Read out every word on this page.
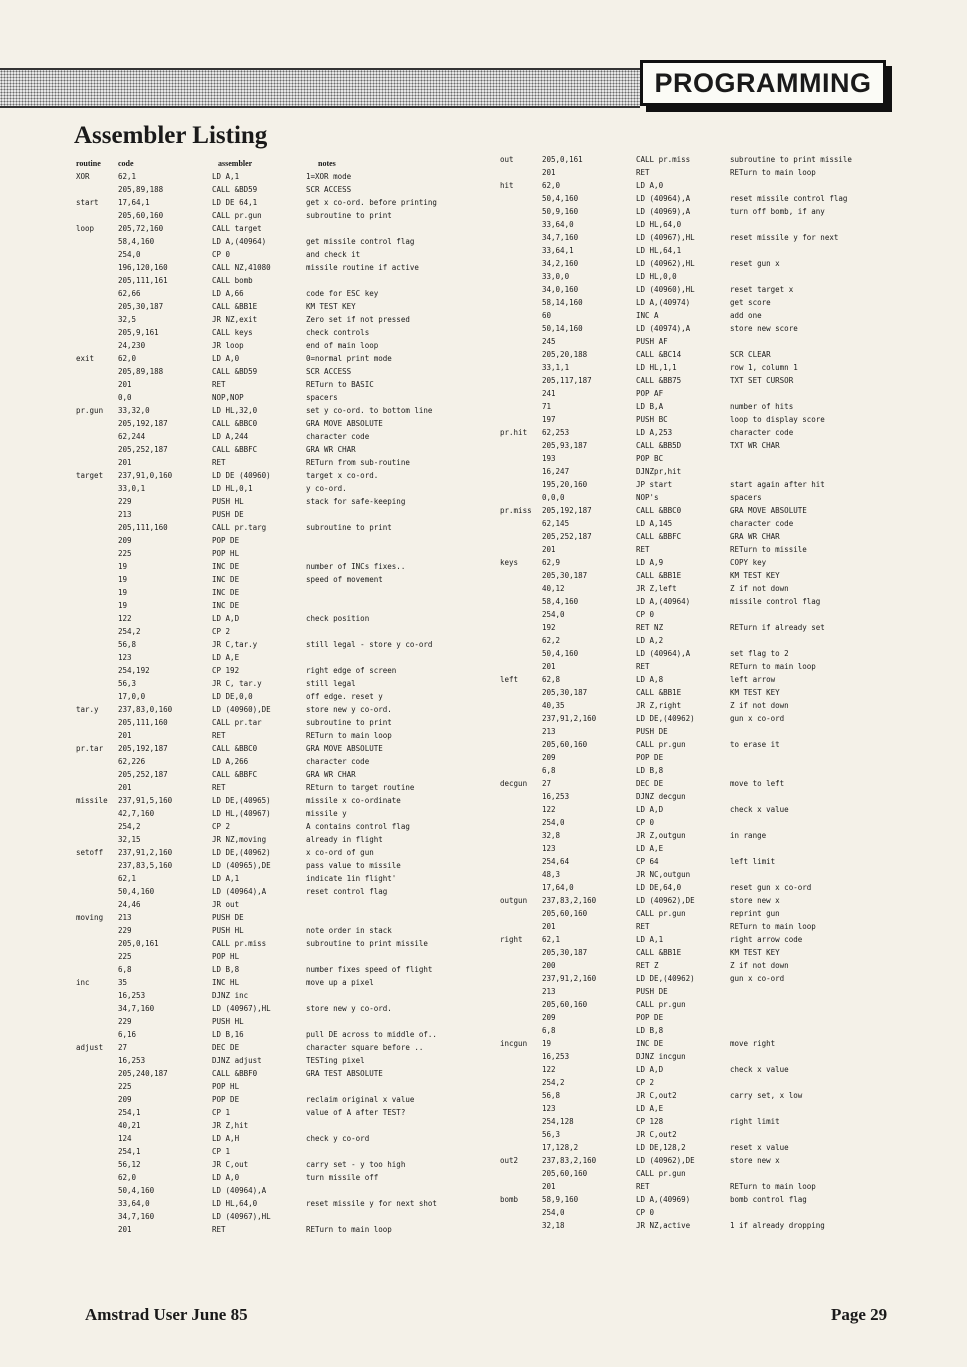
PROGRAMMING
Assembler Listing
routine code	assembler	notes
XOR	62,1	LD A,1	1=XOR mode
205,89,188	CALL &BD59	SCR ACCESS
start	17,64,1	LD DE 64,1	get x co-ord. before printing
205,60,160	CALL pr.gun	subroutine to print
loop	205,72,160	CALL target
58,4,160	LD A,(40964)	get missile control flag
254,0	CP 0	and check it
196,120,160	CALL NZ,41080	missile routine if active
205,111,161	CALL bomb
62,66	LD A,66	code for ESC key
205,30,187	CALL &BB1E	KM TEST KEY
32,5	JR NZ,exit	Zero set if not pressed
205,9,161	CALL keys	check controls
24,230	JR loop	end of main loop
exit	62,0	LD A,0	0=normal print mode
205,89,188	CALL &BD59	SCR ACCESS
201	RET	RETurn to BASIC
0,0	NOP,NOP	spacers
pr.gun 33,32,0	LD HL,32,0	set y co-ord. to bottom line
205,192,187	CALL &BBC0	GRA MOVE ABSOLUTE
62,244	LD A,244	character code
205,252,187	CALL &BBFC	GRA WR CHAR
201	RET	RETurn from sub-routine
target 237,91,0,160	LD DE (40960)	target x co-ord.
33,0,1	LD HL,0,1	y co-ord.
229	PUSH HL	stack for safe-keeping
213	PUSH DE
205,111,160	CALL pr.targ	subroutine to print
209	POP DE
225	POP HL
19	INC DE	number of INCs fixes..
19	INC DE	speed of movement
19	INC DE
19	INC DE
122	LD A,D	check position
254,2	CP 2
56,8	JR C,tar.y	still legal - store y co-ord
123	LD A,E
254,192	CP 192	right edge of screen
56,3	JR C, tar.y	still legal
17,0,0	LD DE,0,0	off edge. reset y
tar.y	237,83,0,160	LD (40960),DE	store new y co-ord.
205,111,160	CALL pr.tar	subroutine to print
201	RET	RETurn to main loop
pr.tar 205,192,187	CALL &BBC0	GRA MOVE ABSOLUTE
62,226	LD A,266	character code
205,252,187	CALL &BBFC	GRA WR CHAR
201	RET	REturn to target routine
missile 237,91,5,160	LD DE,(40965)	missile x co-ordinate
42,7,160	LD HL,(40967)	missile y
254,2	CP 2	A contains control flag
32,15	JR NZ,moving	already in flight
setoff 237,91,2,160	LD DE,(40962)	x co-ord of gun
237,83,5,160	LD (40965),DE	pass value to missile
62,1	LD A,1	indicate 1in flight'
50,4,160	LD (40964),A	reset control flag
24,46	JR out
moving 213	PUSH DE
229	PUSH HL	note order in stack
205,0,161	CALL pr.miss	subroutine to print missile
225	POP HL
6,8	LD B,8	number fixes speed of flight
inc	35	INC HL	move up a pixel
16,253	DJNZ inc
34,7,160	LD (40967),HL	store new y co-ord.
229	PUSH HL
6,16	LD B,16	pull DE across to middle of..
adjust 27	DEC DE	character square before ..
16,253	DJNZ adjust	TESTing pixel
205,240,187	CALL &BBF0	GRA TEST ABSOLUTE
225	POP HL
209	POP DE	reclaim original x value
254,1	CP 1	value of A after TEST?
40,21	JR Z,hit
124	LD A,H	check y co-ord
254,1	CP 1
56,12	JR C,out	carry set - y too high
62,0	LD A,0	turn missile off
50,4,160	LD (40964),A
33,64,0	LD HL,64,0	reset missile y for next shot
34,7,160	LD (40967),HL
201	RET	RETurn to main loop
out	205,0,161	CALL pr.miss	subroutine to print missile
201	RET	RETurn to main loop
hit	62,0	LD A,0
50,4,160	LD (40964),A	reset missile control flag
50,9,160	LD (40969),A	turn off bomb, if any
33,64,0	LD HL,64,0
34,7,160	LD (40967),HL	reset missile y for next
33,64,1	LD HL,64,1
34,2,160	LD (40962),HL	reset gun x
33,0,0	LD HL,0,0
34,0,160	LD (40960),HL	reset target x
58,14,160	LD A,(40974)	get score
60	INC A	add one
50,14,160	LD (40974),A	store new score
245	PUSH AF
205,20,188	CALL &BC14	SCR CLEAR
33,1,1	LD HL,1,1	row 1, column 1
205,117,187	CALL &BB75	TXT SET CURSOR
241	POP AF
71	LD B,A	number of hits
197	PUSH BC	loop to display score
pr.hit 62,253	LD A,253	character code
205,93,187	CALL &BB5D	TXT WR CHAR
193	POP BC
16,247	DJNZpr,hit
195,20,160	JP start	start again after hit
0,0,0	NOP's	spacers
pr.miss 205,192,187	CALL &BBC0	GRA MOVE ABSOLUTE
62,145	LD A,145	character code
205,252,187	CALL &BBFC	GRA WR CHAR
201	RET	RETurn to missile
keys	62,9	LD A,9	COPY key
205,30,187	CALL &BB1E	KM TEST KEY
40,12	JR Z,left	Z if not down
58,4,160	LD A,(40964)	missile control flag
254,0	CP 0
192	RET NZ	RETurn if already set
62,2	LD A,2
50,4,160	LD (40964),A	set flag to 2
201	RET	RETurn to main loop
left	62,8	LD A,8	left arrow
205,30,187	CALL &BB1E	KM TEST KEY
40,35	JR Z,right	Z if not down
237,91,2,160	LD DE,(40962)	gun x co-ord
213	PUSH DE
205,60,160	CALL pr.gun	to erase it
209	POP DE
6,8	LD B,8
decgun 27	DEC DE	move to left
16,253	DJNZ decgun
122	LD A,D	check x value
254,0	CP 0
32,8	JR Z,outgun	in range
123	LD A,E
254,64	CP 64	left limit
48,3	JR NC,outgun
17,64,0	LD DE,64,0	reset gun x co-ord
outgun 237,83,2,160	LD (40962),DE	store new x
205,60,160	CALL pr.gun	reprint gun
201	RET	RETurn to main loop
right	62,1	LD A,1	right arrow code
205,30,187	CALL &BB1E	KM TEST KEY
200	RET Z	Z if not down
237,91,2,160	LD DE,(40962)	gun x co-ord
213	PUSH DE
205,60,160	CALL pr.gun
209	POP DE
6,8	LD B,8
incgun 19	INC DE	move right
16,253	DJNZ incgun
122	LD A,D	check x value
254,2	CP 2
56,8	JR C,out2	carry set, x low
123	LD A,E
254,128	CP 128	right limit
56,3	JR C,out2
17,128,2	LD DE,128,2	reset x value
out2	237,83,2,160	LD (40962),DE	store new x
205,60,160	CALL pr.gun
201	RET	RETurn to main loop
bomb	58,9,160	LD A,(40969)	bomb control flag
254,0	CP 0
32,18	JR NZ,active	1 if already dropping
Amstrad User June 85	Page 29
